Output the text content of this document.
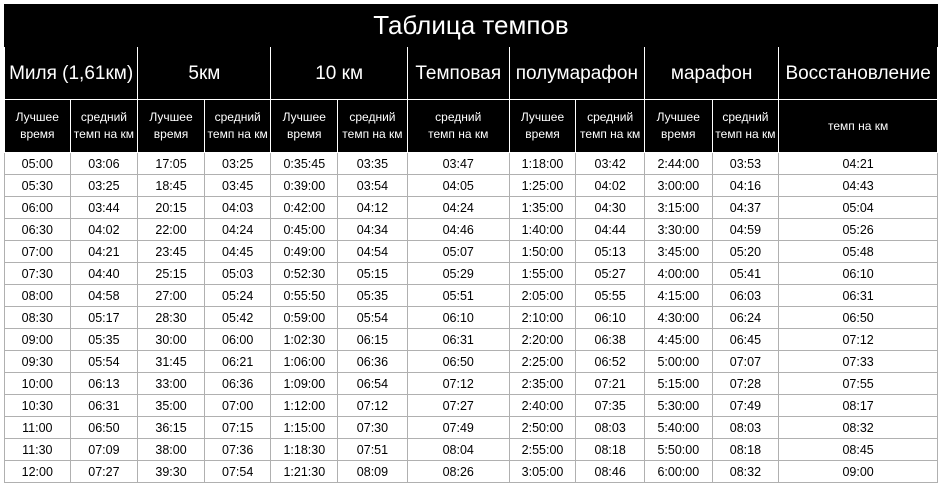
Таблица темпов											
Миля (1,61км)		5км		10 км		Темповая	полумарафон		марафон		Восстановление
Лучшее время	средний темп на км	Лучшее время	средний темп на км	Лучшее время	средний темп на км	средний темп на км	Лучшее время	средний темп на км	Лучшее время	средний темп на км	темп на км
05:00	03:06	17:05	03:25	0:35:45	03:35	03:47	1:18:00	03:42	2:44:00	03:53	04:21
05:30	03:25	18:45	03:45	0:39:00	03:54	04:05	1:25:00	04:02	3:00:00	04:16	04:43
06:00	03:44	20:15	04:03	0:42:00	04:12	04:24	1:35:00	04:30	3:15:00	04:37	05:04
06:30	04:02	22:00	04:24	0:45:00	04:34	04:46	1:40:00	04:44	3:30:00	04:59	05:26
07:00	04:21	23:45	04:45	0:49:00	04:54	05:07	1:50:00	05:13	3:45:00	05:20	05:48
07:30	04:40	25:15	05:03	0:52:30	05:15	05:29	1:55:00	05:27	4:00:00	05:41	06:10
08:00	04:58	27:00	05:24	0:55:50	05:35	05:51	2:05:00	05:55	4:15:00	06:03	06:31
08:30	05:17	28:30	05:42	0:59:00	05:54	06:10	2:10:00	06:10	4:30:00	06:24	06:50
09:00	05:35	30:00	06:00	1:02:30	06:15	06:31	2:20:00	06:38	4:45:00	06:45	07:12
09:30	05:54	31:45	06:21	1:06:00	06:36	06:50	2:25:00	06:52	5:00:00	07:07	07:33
10:00	06:13	33:00	06:36	1:09:00	06:54	07:12	2:35:00	07:21	5:15:00	07:28	07:55
10:30	06:31	35:00	07:00	1:12:00	07:12	07:27	2:40:00	07:35	5:30:00	07:49	08:17
11:00	06:50	36:15	07:15	1:15:00	07:30	07:49	2:50:00	08:03	5:40:00	08:03	08:32
11:30	07:09	38:00	07:36	1:18:30	07:51	08:04	2:55:00	08:18	5:50:00	08:18	08:45
12:00	07:27	39:30	07:54	1:21:30	08:09	08:26	3:05:00	08:46	6:00:00	08:32	09:00
